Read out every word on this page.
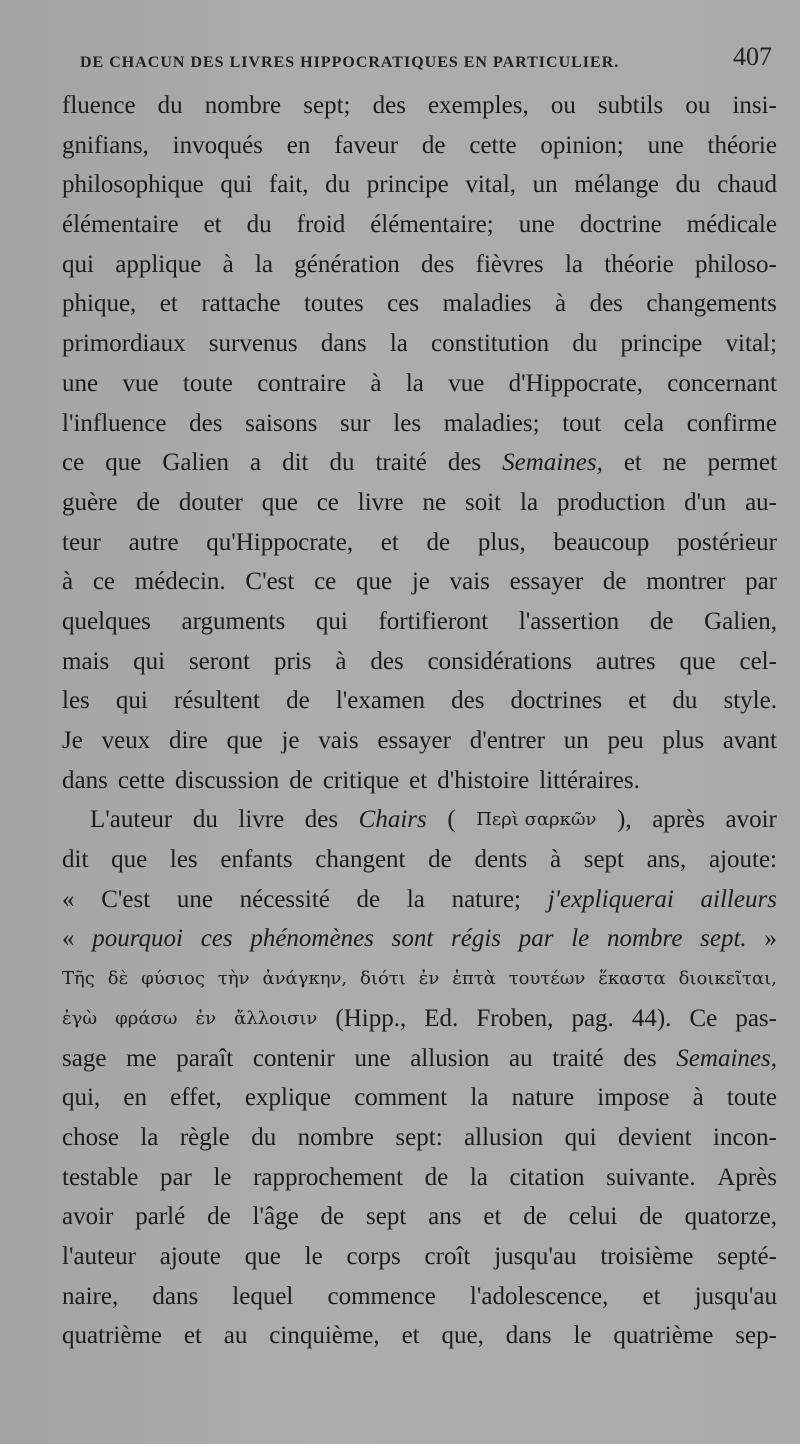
DE CHACUN DES LIVRES HIPPOCRATIQUES EN PARTICULIER.	407
fluence du nombre sept; des exemples, ou subtils ou insi-
gnifians, invoqués en faveur de cette opinion; une théorie
philosophique qui fait, du principe vital, un mélange du chaud
élémentaire et du froid élémentaire; une doctrine médicale
qui applique à la génération des fièvres la théorie philoso-
phique, et rattache toutes ces maladies à des changements
primordiaux survenus dans la constitution du principe vital;
une vue toute contraire à la vue d'Hippocrate, concernant
l'influence des saisons sur les maladies; tout cela confirme
ce que Galien a dit du traité des Semaines, et ne permet
guère de douter que ce livre ne soit la production d'un au-
teur autre qu'Hippocrate, et de plus, beaucoup postérieur
à ce médecin. C'est ce que je vais essayer de montrer par
quelques arguments qui fortifieront l'assertion de Galien,
mais qui seront pris à des considérations autres que cel-
les qui résultent de l'examen des doctrines et du style.
Je veux dire que je vais essayer d'entrer un peu plus avant
dans cette discussion de critique et d'histoire littéraires.
L'auteur du livre des Chairs ( Περὶ σαρκῶν ), après avoir
dit que les enfants changent de dents à sept ans, ajoute:
« C'est une nécessité de la nature; j'expliquerai ailleurs
« pourquoi ces phénomènes sont régis par le nombre sept. »
Τῆς δὲ φύσιος τὴν ἀνάγκην, διότι ἐν ἑπτὰ τουτέων ἕκαστα διοικεῖται,
ἐγὼ φράσω ἐν ἄλλοισιν (Hipp., Ed. Froben, pag. 44). Ce pas-
sage me paraît contenir une allusion au traité des Semaines,
qui, en effet, explique comment la nature impose à toute
chose la règle du nombre sept: allusion qui devient incon-
testable par le rapprochement de la citation suivante. Après
avoir parlé de l'âge de sept ans et de celui de quatorze,
l'auteur ajoute que le corps croît jusqu'au troisième septé-
naire, dans lequel commence l'adolescence, et jusqu'au
quatrième et au cinquième, et que, dans le quatrième sep-
